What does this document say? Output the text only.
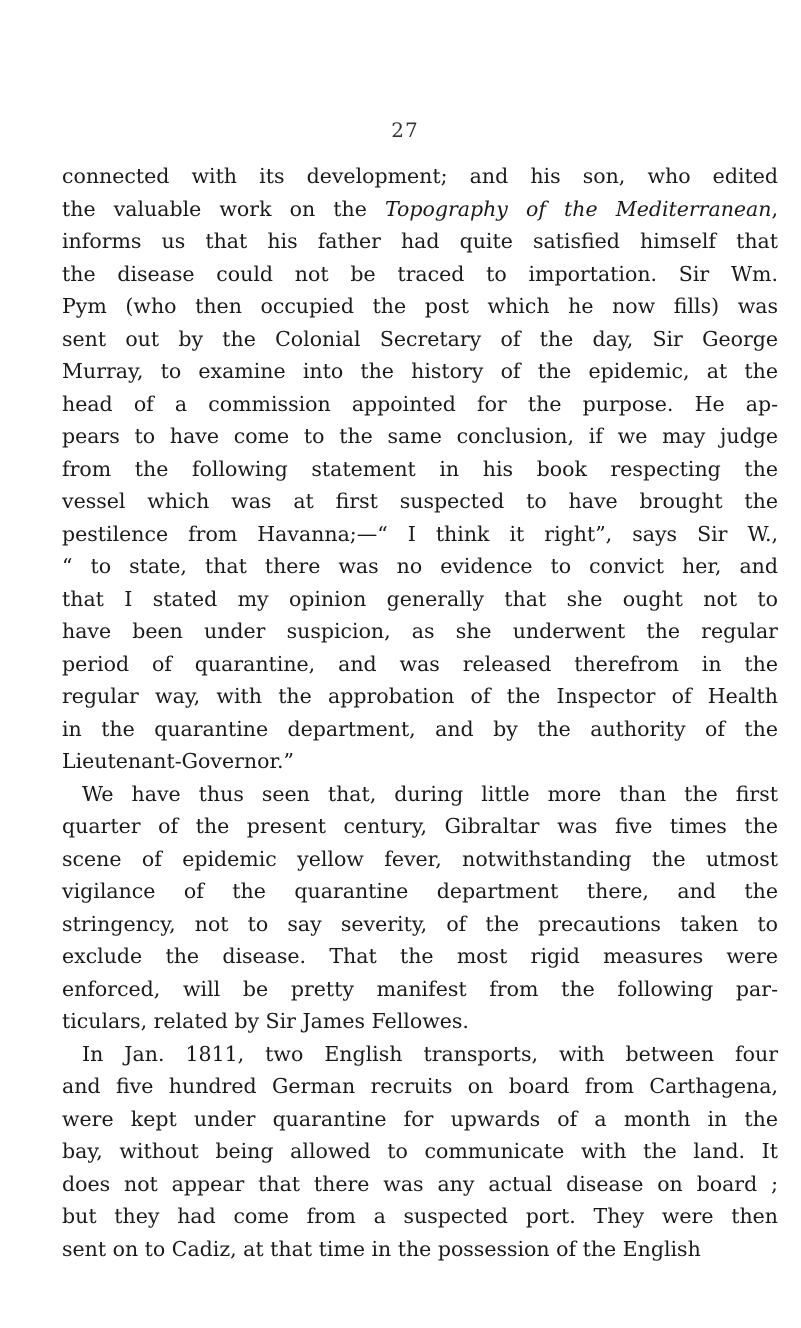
27
connected with its development; and his son, who edited
the valuable work on the Topography of the Mediterranean,
informs us that his father had quite satisfied himself that
the disease could not be traced to importation. Sir Wm.
Pym (who then occupied the post which he now fills) was
sent out by the Colonial Secretary of the day, Sir George
Murray, to examine into the history of the epidemic, at the
head of a commission appointed for the purpose. He ap-
pears to have come to the same conclusion, if we may judge
from the following statement in his book respecting the
vessel which was at first suspected to have brought the
pestilence from Havanna;—“ I think it right”, says Sir W.,
“ to state, that there was no evidence to convict her, and
that I stated my opinion generally that she ought not to
have been under suspicion, as she underwent the regular
period of quarantine, and was released therefrom in the
regular way, with the approbation of the Inspector of Health
in the quarantine department, and by the authority of the
Lieutenant-Governor.”
We have thus seen that, during little more than the first
quarter of the present century, Gibraltar was five times the
scene of epidemic yellow fever, notwithstanding the utmost
vigilance of the quarantine department there, and the
stringency, not to say severity, of the precautions taken to
exclude the disease. That the most rigid measures were
enforced, will be pretty manifest from the following par-
ticulars, related by Sir James Fellowes.
In Jan. 1811, two English transports, with between four
and five hundred German recruits on board from Carthagena,
were kept under quarantine for upwards of a month in the
bay, without being allowed to communicate with the land. It
does not appear that there was any actual disease on board ;
but they had come from a suspected port. They were then
sent on to Cadiz, at that time in the possession of the English
